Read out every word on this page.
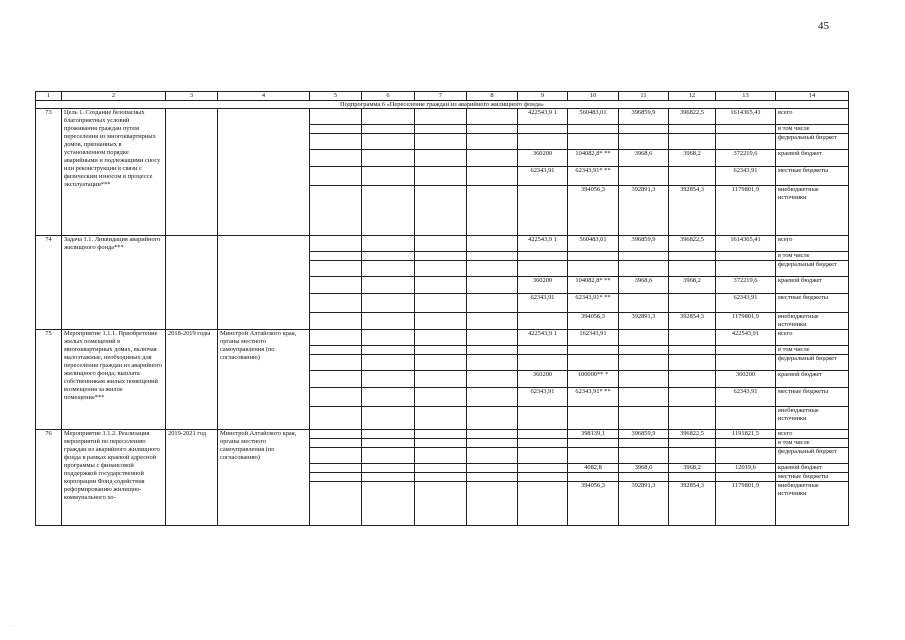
45
1	2	3	4	5	6	7	8	9	10	11	12	13	14
Подпрограмма 6 «Переселение граждан из аварийного жилищного фонда»													
73	Цель 1. Создание безопасных благоприятных условий проживания граждан путем переселения из многоквартирных домов, признанных в установленном порядке аварийными и подлежащими сносу или реконструкции в связи с физическим износом в процессе эксплуатации***							422543,9 1	560483,01	396859,9	396822,5	1614365,41	всего
													в том числе
													федеральный бюджет
								360200	104082,8* **	3968,6	3968,2	372219,6	краевой бюджет
								62343,91	62343,91* **			62343,91	местные бюджеты
									394056,3	392891,3	392854,3	1179801,9	внебюджетные источники
74	Задача 1.1. Ликвидация аварийного жилищного фонда***							422543,9 1	560483,01	396859,9	396822,5	1614365,41	всего
													в том числе
													федеральный бюджет
								360200	104082,8* **	3968,6	3968,2	372219,6	краевой бюджет
								62343,91	62343,91* **			62343,91	местные бюджеты
									394056,3	392891,3	392854,3	1179801,9	внебюджетные источники
75	Мероприятие 1.1.1. Приобретение жилых помещений в многоквартирных домах, включая малоэтажные, необходимых для переселения граждан из аварийного жилищного фонда; выплата собственникам жилых помещений возмещения за жилое помещение***	2018-2019 годы	Минстрой Алтайского края, органы местного самоуправления (по согласованию)					422543,9 1	162343,91			422543,91	всего
													в том числе
													федеральный бюджет
								360200	100000** *			360200	краевой бюджет
								62343,91	62343,91* **			62343,91	местные бюджеты
													внебюджетные источники
76	Мероприятие 1.1.2. Реализация мероприятий по переселению граждан из аварийного жилищного фонда в рамках краевой адресной программы с финансовой поддержкой государственной корпорации Фонд содействия реформированию жилищно-коммунального хо-	2019-2021 год	Минстрой Алтайского края, органы местного самоуправления (по согласованию)						398139,1	396859,9	396822,5	1191821,5	всего
													в том числе
													федеральный бюджет
									4082,8	3968,6	3968,2	12019,6	краевой бюджет
													местные бюджеты
									394056,3	392891,3	392854,3	1179801,9	внебюджетные источники
· · ·
